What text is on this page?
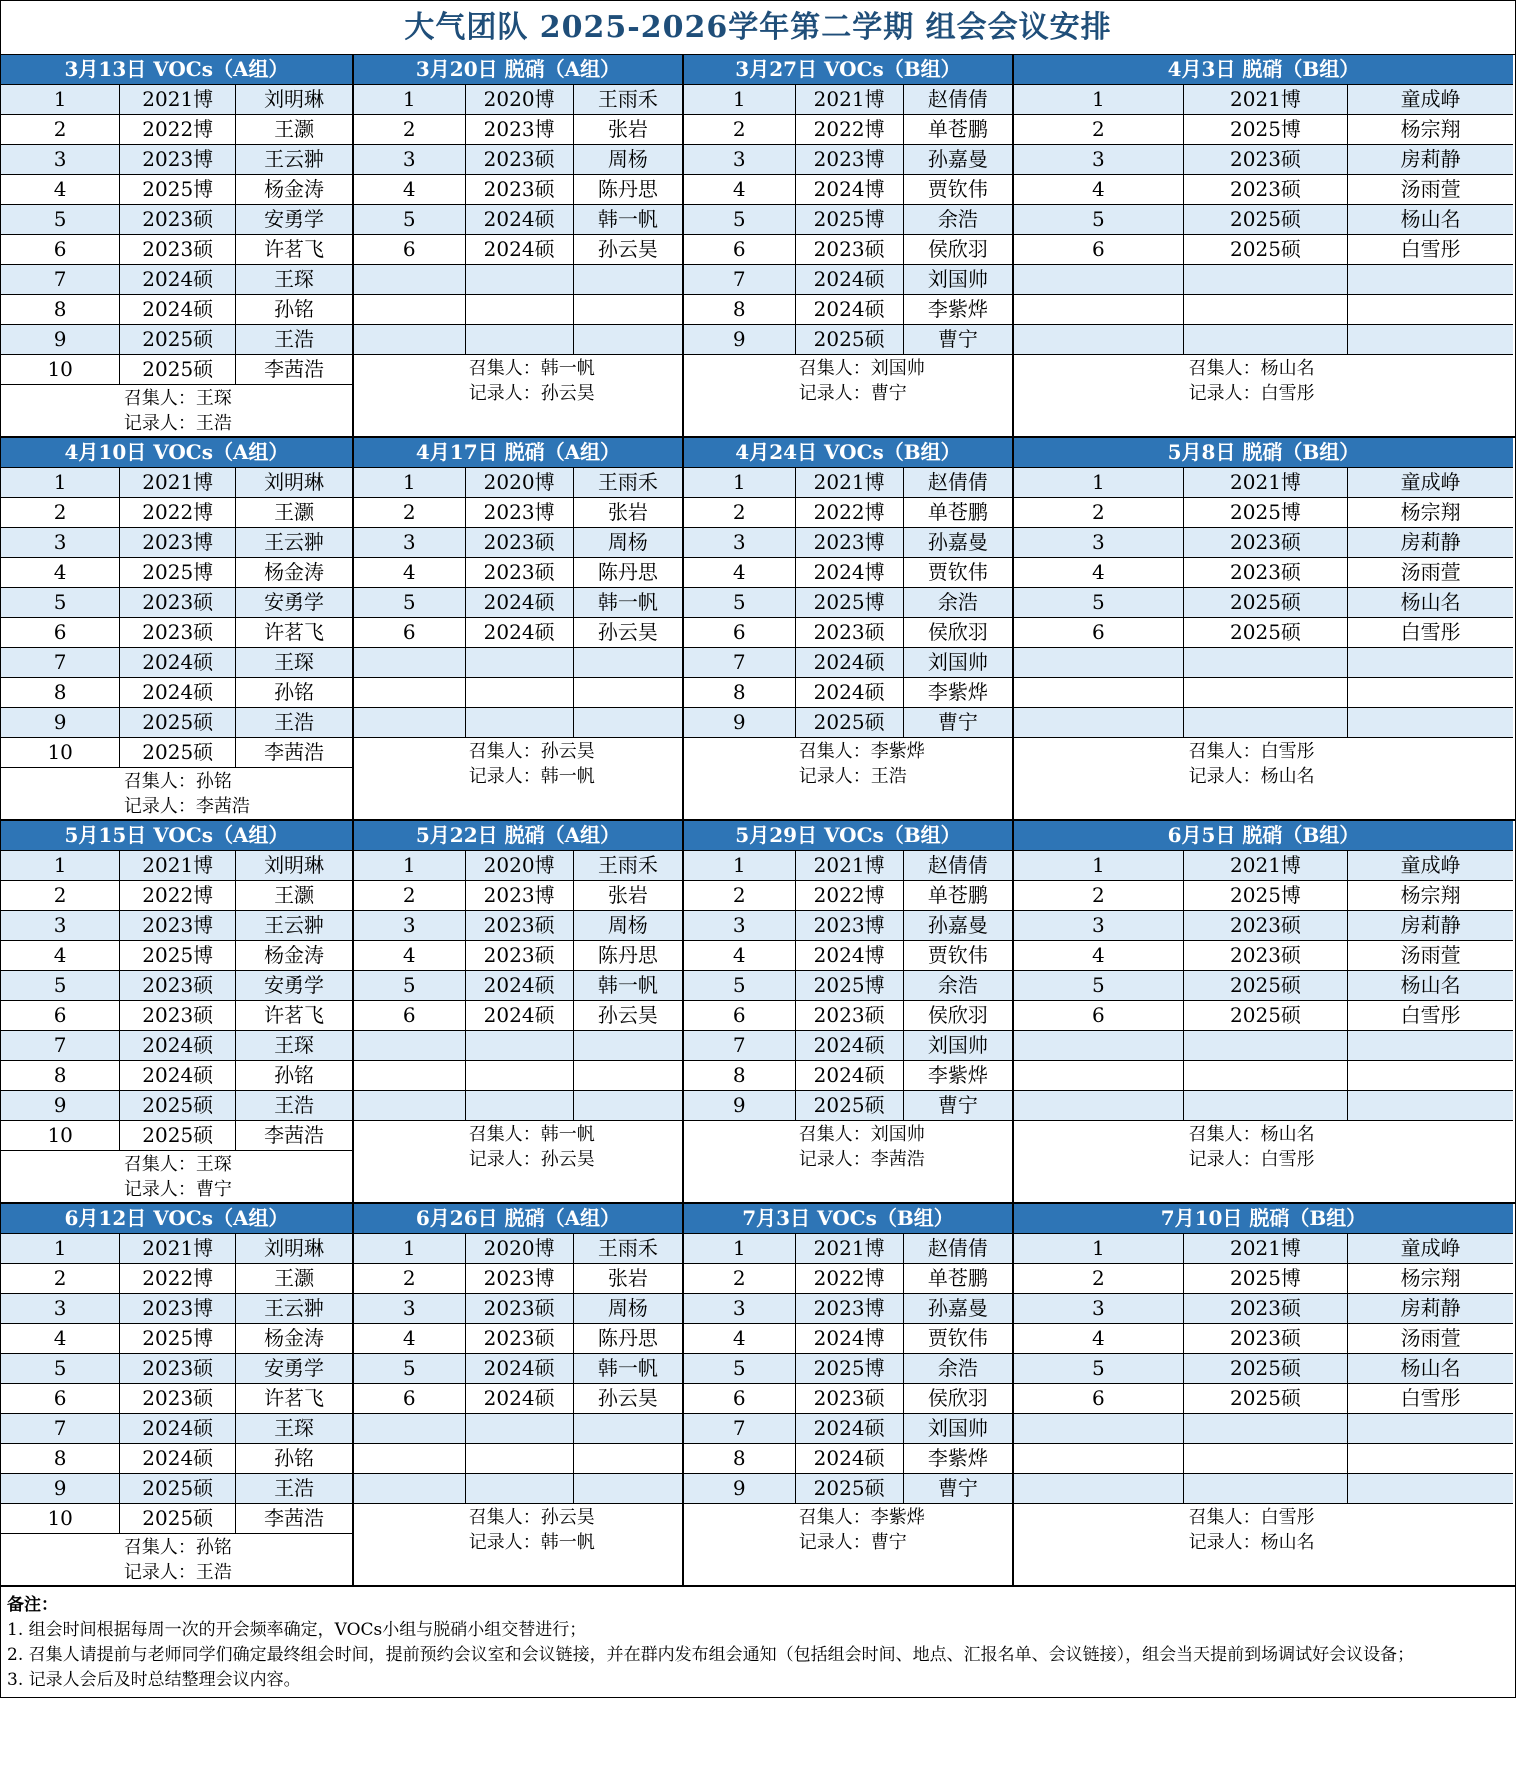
大气团队 2025-2026学年第二学期 组会会议安排
3月13日 VOCs（A组）
1	2021博	刘明琳
2	2022博	王灏
3	2023博	王云翀
4	2025博	杨金涛
5	2023硕	安勇学
6	2023硕	许茗飞
7	2024硕	王琛
8	2024硕	孙铭
9	2025硕	王浩
10	2025硕	李茜浩
召集人：王琛
记录人：王浩
3月20日 脱硝（A组）
1	2020博	王雨禾
2	2023博	张岩
3	2023硕	周杨
4	2023硕	陈丹思
5	2024硕	韩一帆
6	2024硕	孙云昊
召集人：韩一帆
记录人：孙云昊
3月27日 VOCs（B组）
1	2021博	赵倩倩
2	2022博	单苍鹏
3	2023博	孙嘉曼
4	2024博	贾钦伟
5	2025博	余浩
6	2023硕	侯欣羽
7	2024硕	刘国帅
8	2024硕	李紫烨
9	2025硕	曹宁
召集人：刘国帅
记录人：曹宁
4月3日 脱硝（B组）
1	2021博	童成峥
2	2025博	杨宗翔
3	2023硕	房莉静
4	2023硕	汤雨萱
5	2025硕	杨山名
6	2025硕	白雪彤
召集人：杨山名
记录人：白雪彤
4月10日 VOCs（A组）
1	2021博	刘明琳
2	2022博	王灏
3	2023博	王云翀
4	2025博	杨金涛
5	2023硕	安勇学
6	2023硕	许茗飞
7	2024硕	王琛
8	2024硕	孙铭
9	2025硕	王浩
10	2025硕	李茜浩
召集人：孙铭
记录人：李茜浩
4月17日 脱硝（A组）
1	2020博	王雨禾
2	2023博	张岩
3	2023硕	周杨
4	2023硕	陈丹思
5	2024硕	韩一帆
6	2024硕	孙云昊
召集人：孙云昊
记录人：韩一帆
4月24日 VOCs（B组）
1	2021博	赵倩倩
2	2022博	单苍鹏
3	2023博	孙嘉曼
4	2024博	贾钦伟
5	2025博	余浩
6	2023硕	侯欣羽
7	2024硕	刘国帅
8	2024硕	李紫烨
9	2025硕	曹宁
召集人：李紫烨
记录人：王浩
5月8日 脱硝（B组）
1	2021博	童成峥
2	2025博	杨宗翔
3	2023硕	房莉静
4	2023硕	汤雨萱
5	2025硕	杨山名
6	2025硕	白雪彤
召集人：白雪彤
记录人：杨山名
5月15日 VOCs（A组）
1	2021博	刘明琳
2	2022博	王灏
3	2023博	王云翀
4	2025博	杨金涛
5	2023硕	安勇学
6	2023硕	许茗飞
7	2024硕	王琛
8	2024硕	孙铭
9	2025硕	王浩
10	2025硕	李茜浩
召集人：王琛
记录人：曹宁
5月22日 脱硝（A组）
1	2020博	王雨禾
2	2023博	张岩
3	2023硕	周杨
4	2023硕	陈丹思
5	2024硕	韩一帆
6	2024硕	孙云昊
召集人：韩一帆
记录人：孙云昊
5月29日 VOCs（B组）
1	2021博	赵倩倩
2	2022博	单苍鹏
3	2023博	孙嘉曼
4	2024博	贾钦伟
5	2025博	余浩
6	2023硕	侯欣羽
7	2024硕	刘国帅
8	2024硕	李紫烨
9	2025硕	曹宁
召集人：刘国帅
记录人：李茜浩
6月5日 脱硝（B组）
1	2021博	童成峥
2	2025博	杨宗翔
3	2023硕	房莉静
4	2023硕	汤雨萱
5	2025硕	杨山名
6	2025硕	白雪彤
召集人：杨山名
记录人：白雪彤
6月12日 VOCs（A组）
1	2021博	刘明琳
2	2022博	王灏
3	2023博	王云翀
4	2025博	杨金涛
5	2023硕	安勇学
6	2023硕	许茗飞
7	2024硕	王琛
8	2024硕	孙铭
9	2025硕	王浩
10	2025硕	李茜浩
召集人：孙铭
记录人：王浩
6月26日 脱硝（A组）
1	2020博	王雨禾
2	2023博	张岩
3	2023硕	周杨
4	2023硕	陈丹思
5	2024硕	韩一帆
6	2024硕	孙云昊
召集人：孙云昊
记录人：韩一帆
7月3日 VOCs（B组）
1	2021博	赵倩倩
2	2022博	单苍鹏
3	2023博	孙嘉曼
4	2024博	贾钦伟
5	2025博	余浩
6	2023硕	侯欣羽
7	2024硕	刘国帅
8	2024硕	李紫烨
9	2025硕	曹宁
召集人：李紫烨
记录人：曹宁
7月10日 脱硝（B组）
1	2021博	童成峥
2	2025博	杨宗翔
3	2023硕	房莉静
4	2023硕	汤雨萱
5	2025硕	杨山名
6	2025硕	白雪彤
召集人：白雪彤
记录人：杨山名
备注：
1. 组会时间根据每周一次的开会频率确定，VOCs小组与脱硝小组交替进行；
2. 召集人请提前与老师同学们确定最终组会时间，提前预约会议室和会议链接，并在群内发布组会通知（包括组会时间、地点、汇报名单、会议链接），组会当天提前到场调试好会议设备；
3. 记录人会后及时总结整理会议内容。
